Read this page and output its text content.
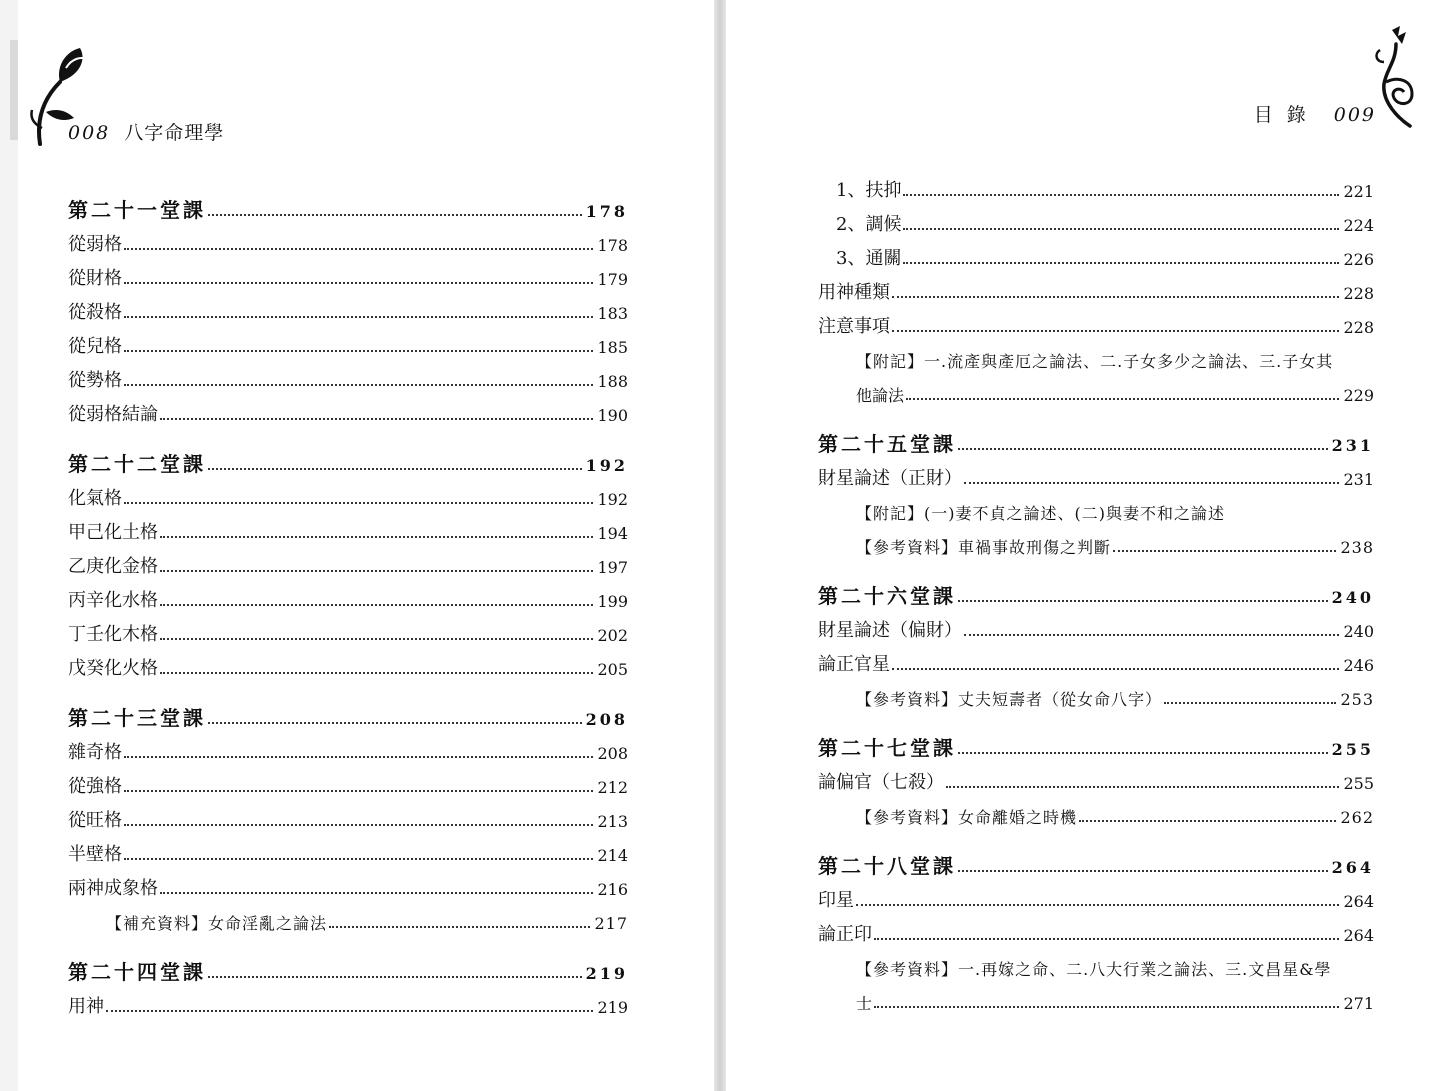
008 八字命理學
第二十一堂課	178
從弱格	178
從財格	179
從殺格	183
從兒格	185
從勢格	188
從弱格結論	190
第二十二堂課	192
化氣格	192
甲己化土格	194
乙庚化金格	197
丙辛化水格	199
丁壬化木格	202
戊癸化火格	205
第二十三堂課	208
雜奇格	208
從強格	212
從旺格	213
半壁格	214
兩神成象格	216
【補充資料】女命淫亂之論法	217
第二十四堂課	219
用神	219
目錄 009
1、扶抑	221
2、調候	224
3、通關	226
用神種類	228
注意事項	228
【附記】一.流產與產厄之論法、二.子女多少之論法、三.子女其
他論法	229
第二十五堂課	231
財星論述（正財）	231
【附記】(一)妻不貞之論述、(二)與妻不和之論述
【參考資料】車禍事故刑傷之判斷	238
第二十六堂課	240
財星論述（偏財）	240
論正官星	246
【參考資料】丈夫短壽者（從女命八字）	253
第二十七堂課	255
論偏官（七殺）	255
【參考資料】女命離婚之時機	262
第二十八堂課	264
印星	264
論正印	264
【參考資料】一.再嫁之命、二.八大行業之論法、三.文昌星&學
士	271
